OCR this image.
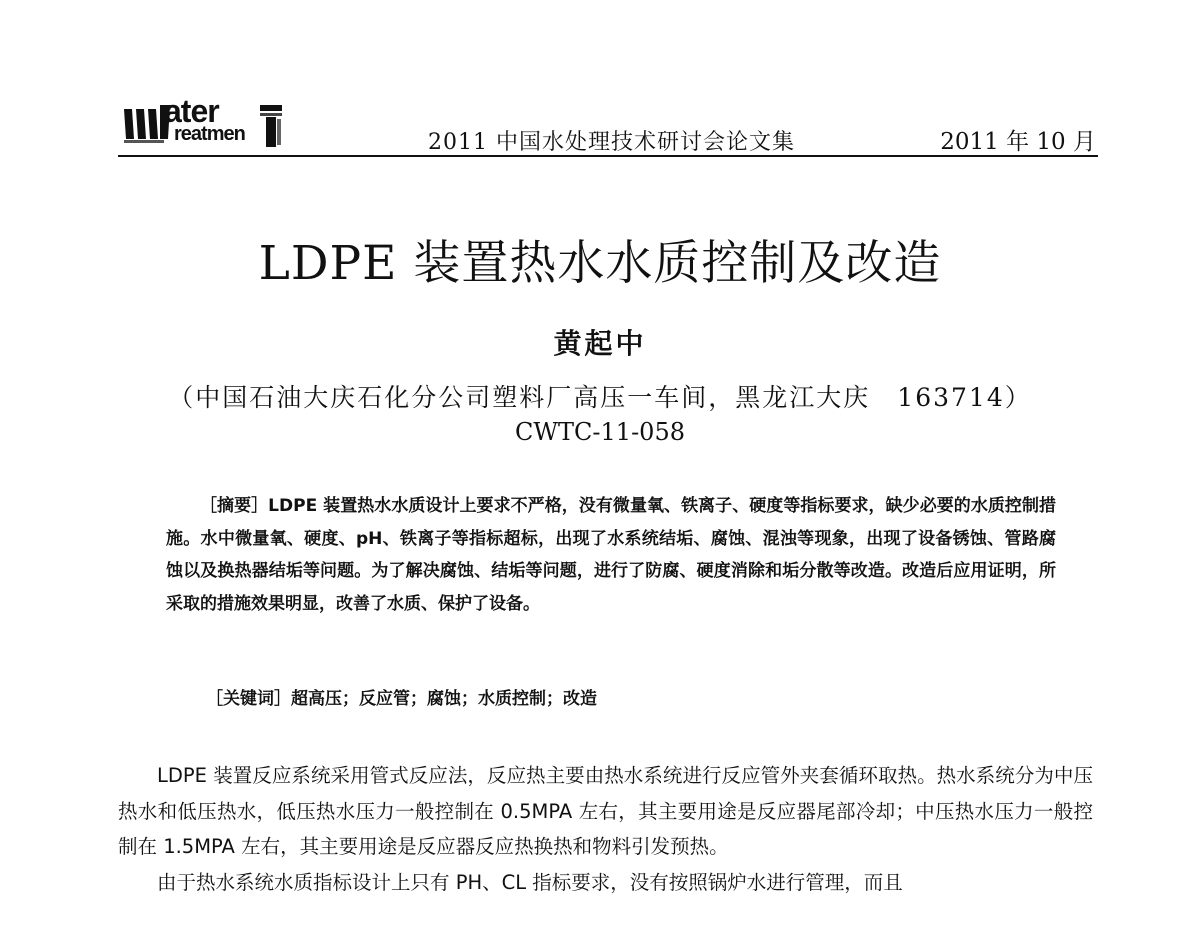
ater
reatmen	2011 中国水处理技术研讨会论文集	2011 年 10 月
LDPE 装置热水水质控制及改造
黄起中
（中国石油大庆石化分公司塑料厂高压一车间，黑龙江大庆　163714）
CWTC-11-058
［摘要］LDPE 装置热水水质设计上要求不严格，没有微量氧、铁离子、硬度等指标要求，缺少必要的水质控制措施。水中微量氧、硬度、pH、铁离子等指标超标，出现了水系统结垢、腐蚀、混浊等现象，出现了设备锈蚀、管路腐蚀以及换热器结垢等问题。为了解决腐蚀、结垢等问题，进行了防腐、硬度消除和垢分散等改造。改造后应用证明，所采取的措施效果明显，改善了水质、保护了设备。
［关键词］超高压；反应管；腐蚀；水质控制；改造

LDPE 装置反应系统采用管式反应法，反应热主要由热水系统进行反应管外夹套循环取热。热水系统分为中压热水和低压热水，低压热水压力一般控制在 0.5MPA 左右，其主要用途是反应器尾部冷却；中压热水压力一般控制在 1.5MPA 左右，其主要用途是反应器反应热换热和物料引发预热。

由于热水系统水质指标设计上只有 PH、CL 指标要求，没有按照锅炉水进行管理，而且
